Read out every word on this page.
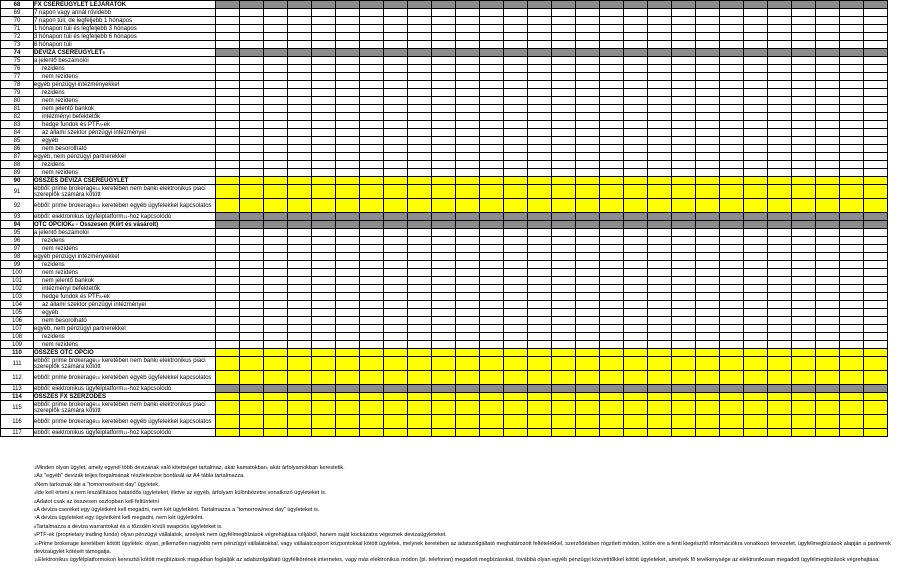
68	FX CSEREÜGYLET LEJÁRATOK																												
69	7 napon vagy annál rövidebb																												
70	7 napon túli, de legfeljebb 1 hónapos																												
71	1 hónapon túli és legfeljebb 3 hónapos																												
72	3 hónapon túli és legfeljebb 6 hónapos																												
73	6 hónapon túli																												
74	DEVIZA CSEREÜGYLET$^5$																												
75	a jelentő beszámolói																												
76	rezidens																												
77	nem rezidens																												
78	egyéb pénzügyi intézményekkel																												
79	rezidens																												
80	nem rezidens																												
81	nem jelentő bankok																												
82	intézményi befektetők																												
83	hedge fundok és PTF$^8$-ek																												
84	az állami szektor pénzügyi intézményei																												
85	egyéb																												
86	nem besorolható																												
87	egyéb, nem pénzügyi partnerekkel																												
88	rezidens																												
89	nem rezidens																												
90	ÖSSZES DEVIZA CSEREÜGYLET																												
91	ebből: prime brokerage$^{10}$ keretében nem banki elektronikus piaci szereplők számára kötött																												
92	ebből: prime brokerage$^{10}$ keretében egyéb ügyfelekkel kapcsolatos																												
93	ebből: elektronikus ügyfélplatform$^{11}$-hoz kapcsolódó																												
94	OTC OPCIÓK$^6$ - Összesen (Kiírt és vásárolt)																												
95	a jelentő beszámolói																												
96	rezidens																												
97	nem rezidens																												
98	egyéb pénzügyi intézményekkel																												
99	rezidens																												
100	nem rezidens																												
101	nem jelentő bankok																												
102	intézményi befektetők																												
103	hedge fundok és PTF$^8$-ek																												
104	az állami szektor pénzügyi intézményei																												
105	egyéb																												
106	nem besorolható																												
107	egyéb, nem pénzügyi partnerekkel																												
108	rezidens																												
109	nem rezidens																												
110	ÖSSZES OTC OPCIÓ																												
111	ebből: prime brokerage$^{10}$ keretében nem banki elektronikus piaci szereplők számára kötött																												
112	ebből: prime brokerage$^{10}$ keretében egyéb ügyfelekkel kapcsolatos																												
113	ebből: elektronikus ügyfélplatform$^{11}$-hoz kapcsolódó																												
114	ÖSSZES FX SZERZŐDÉS																												
115	ebből: prime brokerage$^{10}$ keretében nem banki elektronikus piaci szereplők számára kötött																												
116	ebből: prime brokerage$^{10}$ keretében egyéb ügyfelekkel kapcsolatos																												
117	ebből: elektronikus ügyfélplatform$^{11}$-hoz kapcsolódó																												
$^1$Minden olyan ügylet, amely egynél több devizának való kitettséget tartalmaz, akár kamatokban, akár árfolyamokban kerestetik.
$^2$Az "egyéb" devizák teljes forgalmának részletezése bontását az A4 tábla tartalmazza.
$^3$Nem tartoznak ide a "tomorrow/next day" ügyletek.
$^4$Ide kell érteni a nem leszállításos határidős ügyleteket, illetve az egyéb, árfolyam különbözetre vonatkozó ügyleteket is.
$^5$Adatot csak az összesen oszlopban kell feltüntetni
$^6$A deviza cseréket egy ügyletként kell megadni, nem két ügyletként. Tartalmazza a "tomorrow/next day" ügyleteket is.
$^7$A deviza ügyleteket egy ügyletként kell megadni, nem két ügyletként.
$^8$Tartalmazza a deviza warrantokat és a tőzsdén kívüli swapciós ügyleteket is.
$^9$PTF-ek (proprietary trading funds) olyan pénzügyi vállalatok, amelyek nem ügyfélmegbízások végrehajtása céljából, hanem saját kockázatra végeznek devizaügyleteket.
$^{10}$Prime brokerage keretében kötött ügyletek: olyan, jellemzően nagyobb nem pénzügyi vállalatokkal, vagy vállalatcsoport központokkal kötött ügyletek, melynek keretében az adatszolgáltató meghatározott feltételekkel, szerződésben rögzített módon, kötön ére a fenti kiegészítő információkra vonatkozó tervezetet, ügyfélmegbízások alapján a partnerek devizaügylet kötését támogatja.
$^{11}$Elektronikus ügyfélplatformokon keresztül kötött megbízások magukban foglalják az adatszolgáltató ügyfélkörének internetes, vagy más elektronikus módon (pl. telefonon) megadott megbízásokat, továbbá olyan egyéb pénzügyi közvetítőkkel kötött ügyleteket, amelyek fő tevékenysége az elektronikusan megadott ügyfélmegbízások végrehajtása.
